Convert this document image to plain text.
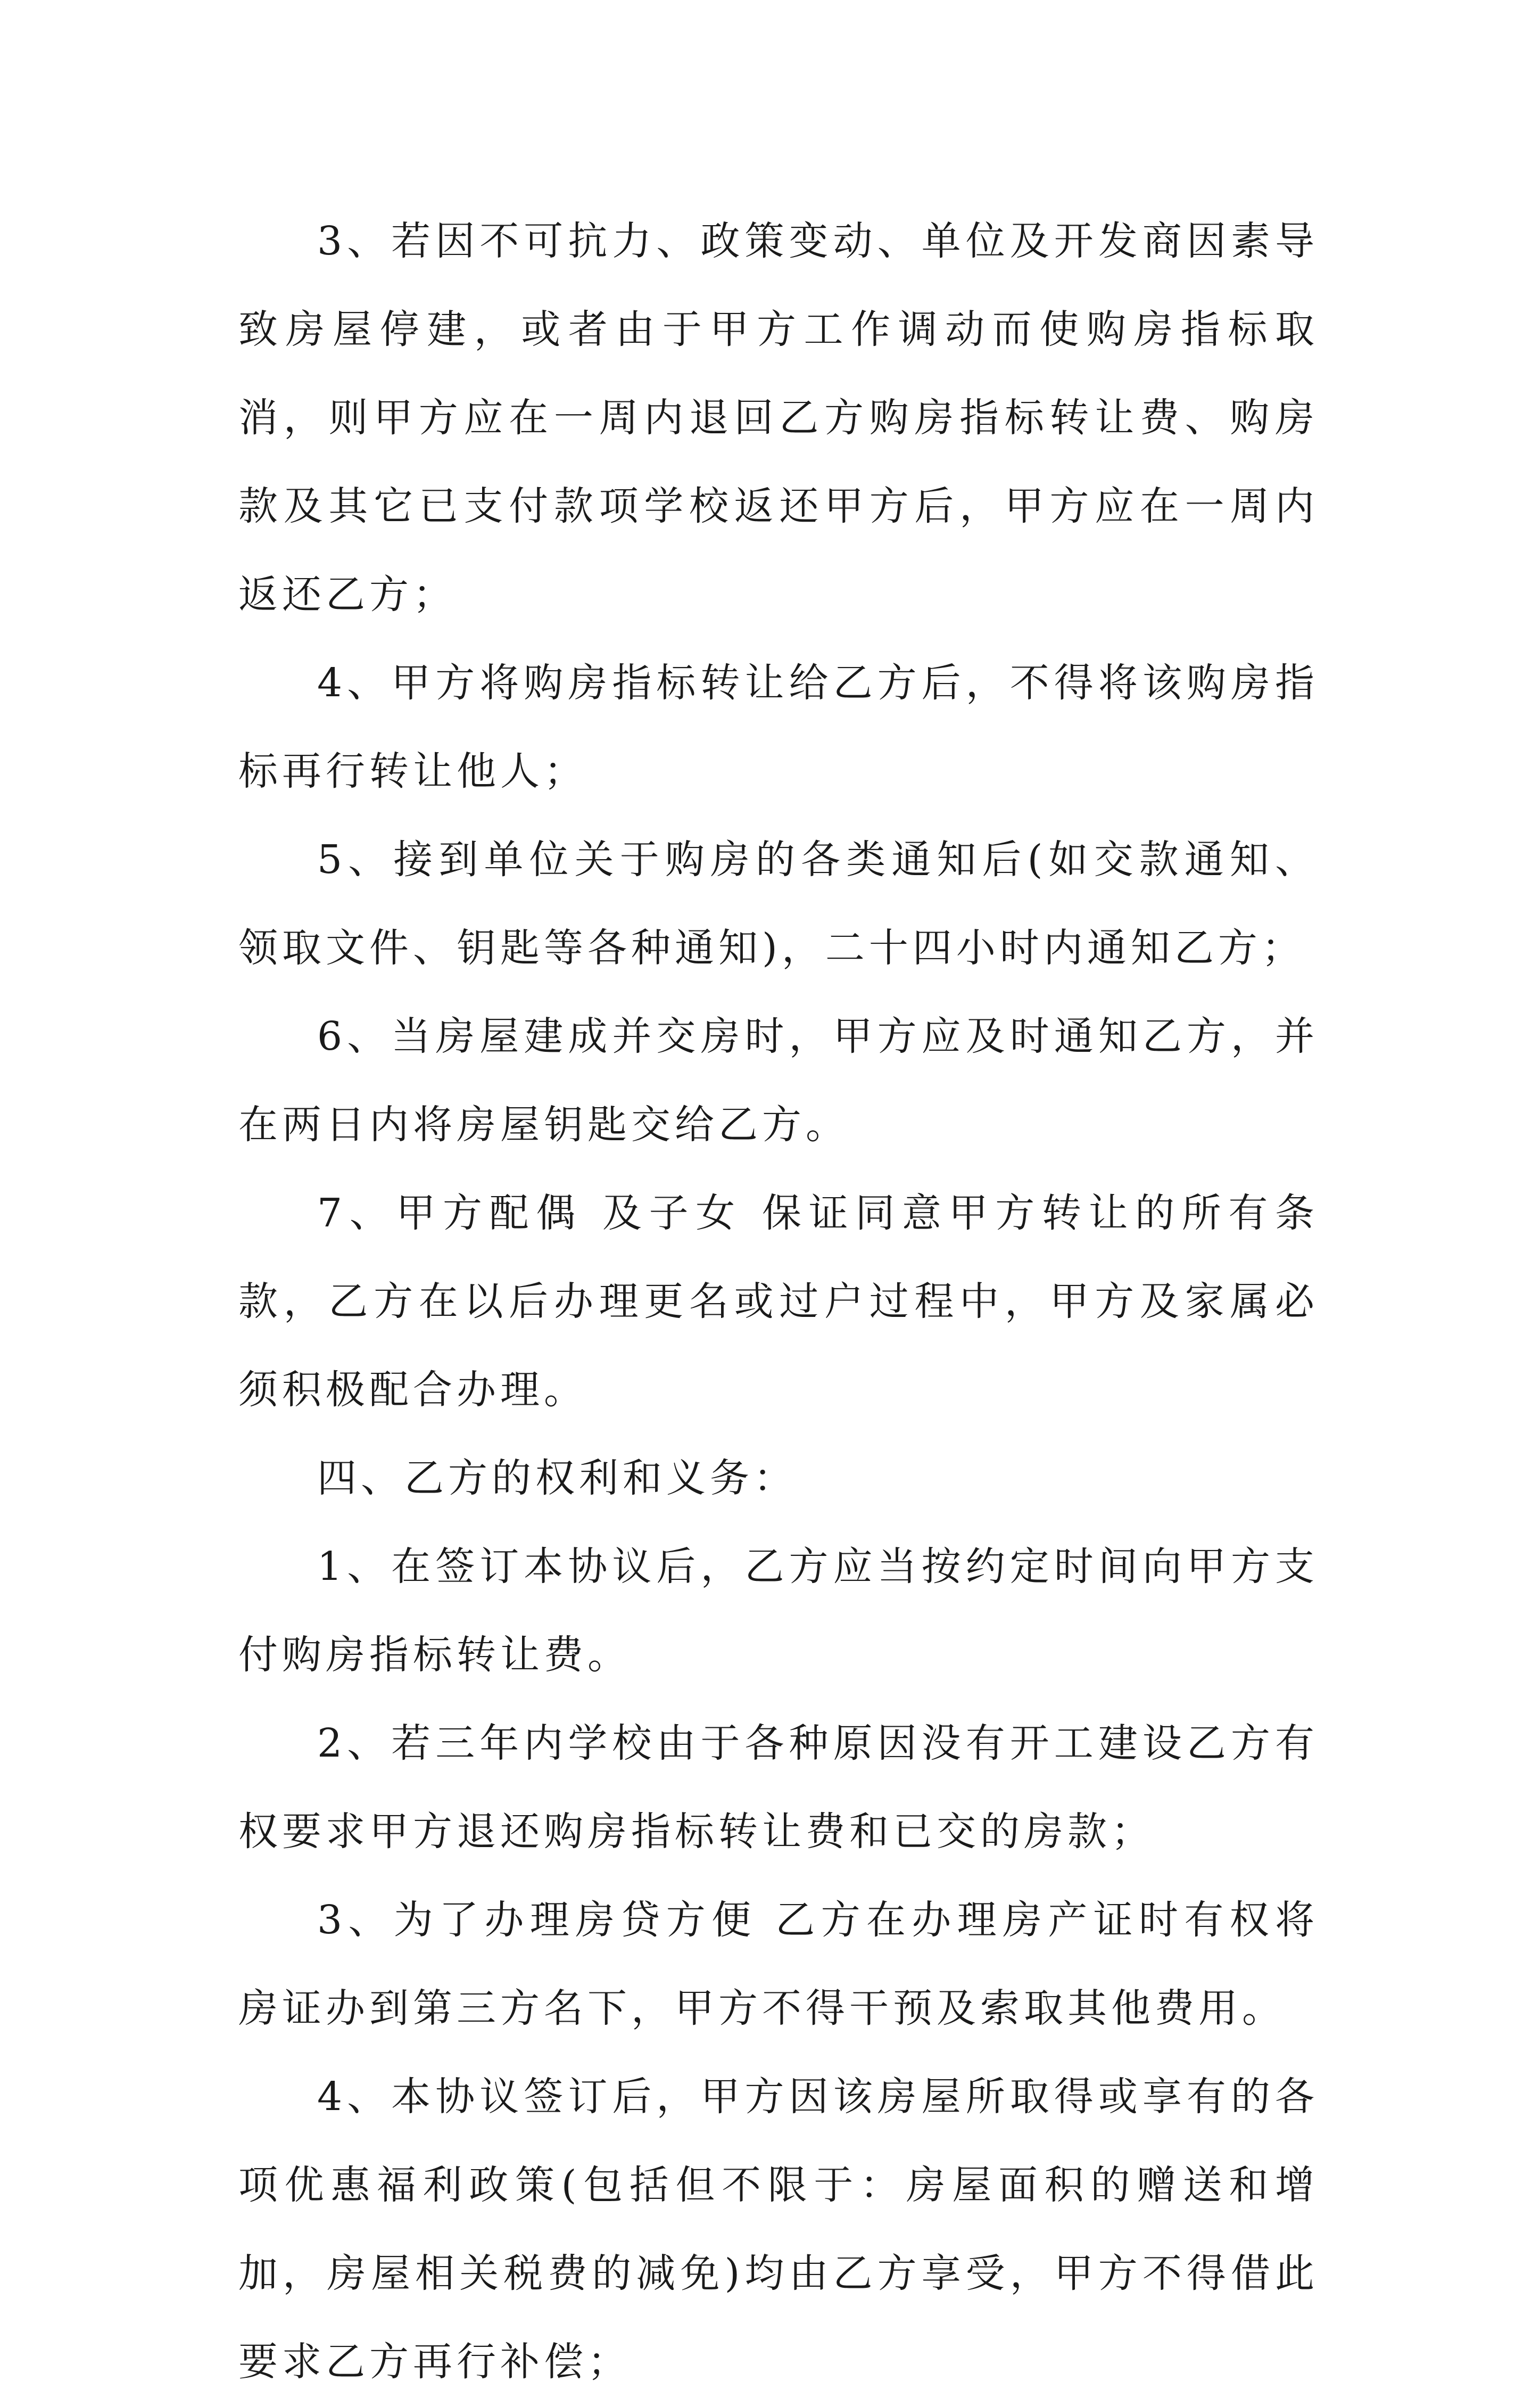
3、若因不可抗力、政策变动、单位及开发商因素导致房屋停建，或者由于甲方工作调动而使购房指标取消，则甲方应在一周内退回乙方购房指标转让费、购房款及其它已支付款项学校返还甲方后，甲方应在一周内返还乙方；

4、甲方将购房指标转让给乙方后，不得将该购房指标再行转让他人；

5、接到单位关于购房的各类通知后(如交款通知、领取文件、钥匙等各种通知)，二十四小时内通知乙方；

6、当房屋建成并交房时，甲方应及时通知乙方，并在两日内将房屋钥匙交给乙方。

7、甲方配偶 及子女 保证同意甲方转让的所有条款，乙方在以后办理更名或过户过程中，甲方及家属必须积极配合办理。

四、乙方的权利和义务：

1、在签订本协议后，乙方应当按约定时间向甲方支付购房指标转让费。

2、若三年内学校由于各种原因没有开工建设乙方有权要求甲方退还购房指标转让费和已交的房款；

3、为了办理房贷方便 乙方在办理房产证时有权将房证办到第三方名下，甲方不得干预及索取其他费用。

4、本协议签订后，甲方因该房屋所取得或享有的各项优惠福利政策(包括但不限于：房屋面积的赠送和增加，房屋相关税费的减免)均由乙方享受，甲方不得借此要求乙方再行补偿；
